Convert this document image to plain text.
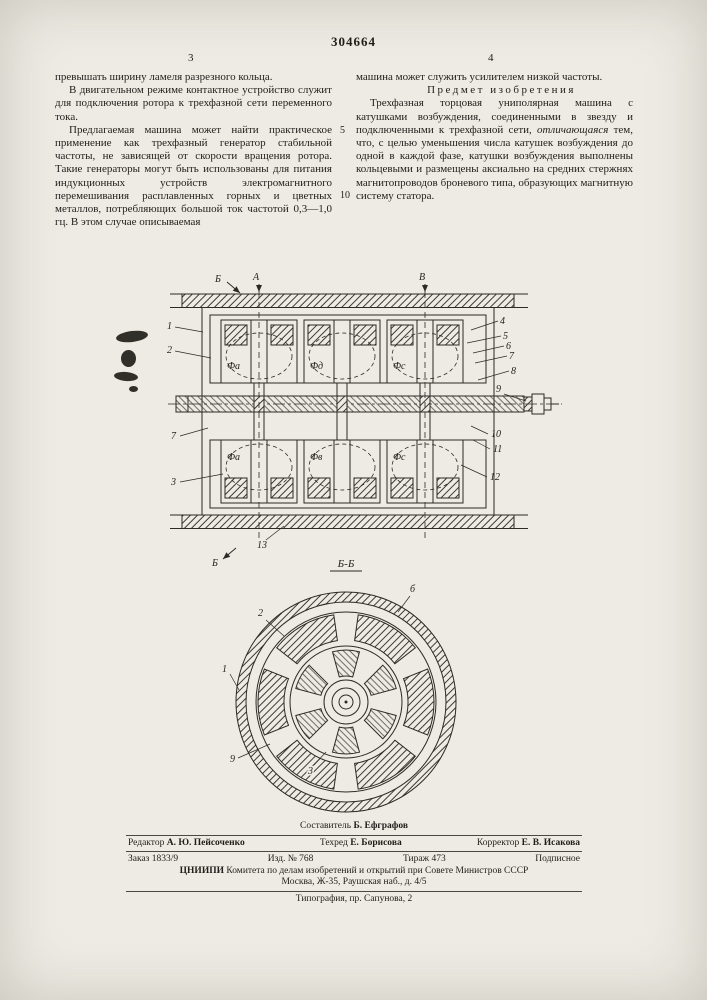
304664
3	4
5
10

превышать ширину ламеля разрезного кольца.

В двигательном режиме контактное устройство служит для подключения ротора к трехфазной сети переменного тока.

Предлагаемая машина может найти практическое применение как трехфазный генератор стабильной частоты, не зависящей от скорости вращения ротора. Такие генераторы могут быть использованы для питания индукционных устройств электромагнитного перемешивания расплавленных горных и цветных металлов, потребляющих большой ток частотой 0,3—1,0 гц. В этом случае описываемая

машина может служить усилителем низкой частоты.

Предмет изобретения

Трехфазная торцовая униполярная машина с катушками возбуждения, соединенными в звезду и подключенными к трехфазной сети, отличающаяся тем, что, с целью уменьшения числа катушек возбуждения до одной в каждой фазе, катушки возбуждения выполнены кольцевыми и размещены аксиально на средних стержнях магнитопроводов броневого типа, образующих магнитную систему статора.

Б	А	В
Б
4
5
6
7
8
9
10
11
12
1
2
7
3
13
Фа	Фд	Фс
Фа	Фв	Фс
Б-Б
б
2
1
9
3
Составитель Б. Ефграфов
Редактор А. Ю. Пейсоченко	Техред Е. Борисова	Корректор Е. В. Исакова
Заказ 1833/9	Изд. № 768	Тираж 473	Подписное
ЦНИИПИ Комитета по делам изобретений и открытий при Совете Министров СССР
Москва, Ж-35, Раушская наб., д. 4/5
Типография, пр. Сапунова, 2
